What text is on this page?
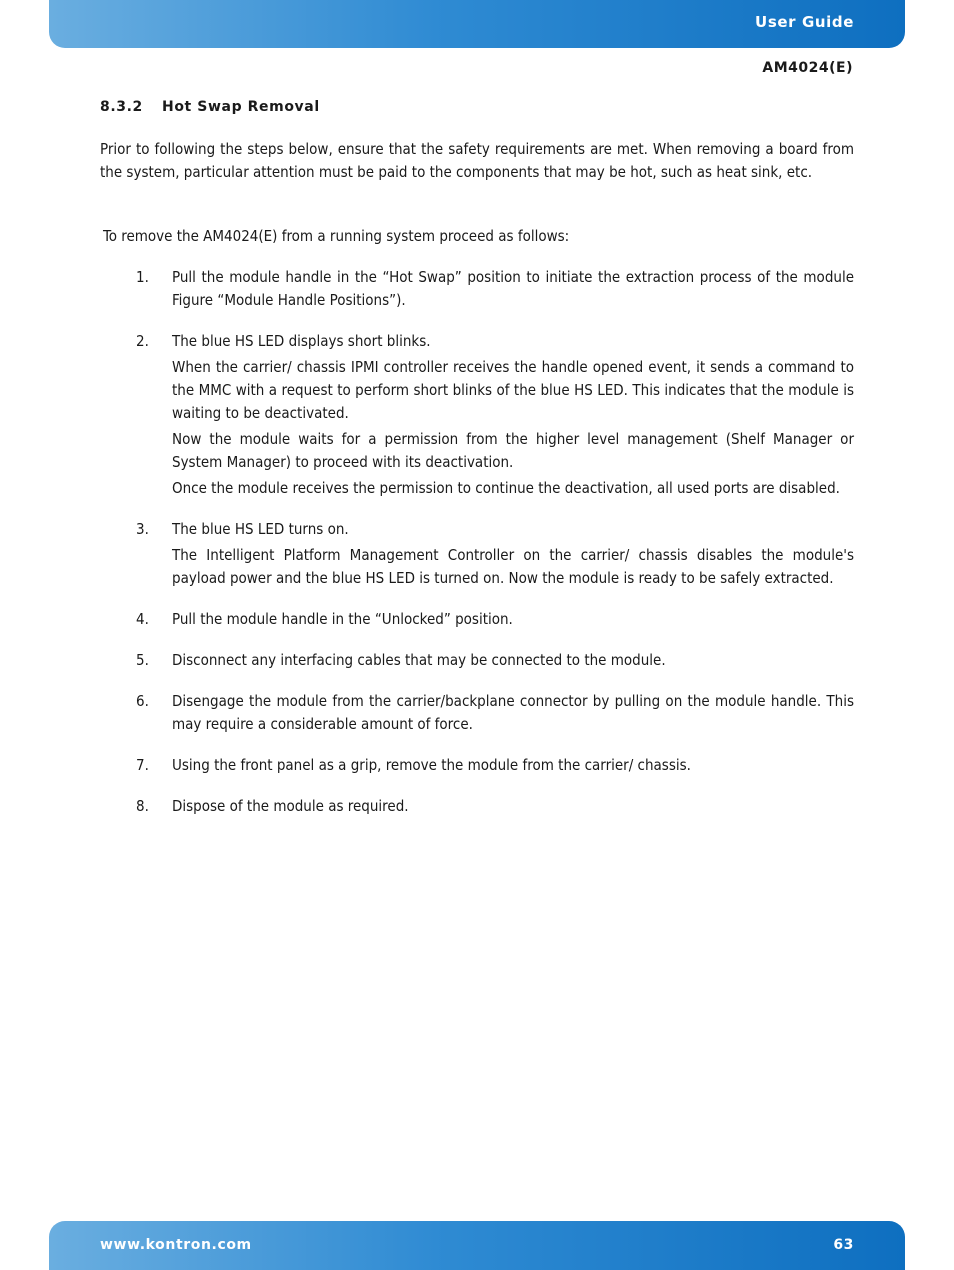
User Guide
AM4024(E)
8.3.2 Hot Swap Removal

Prior to following the steps below, ensure that the safety requirements are met. When removing a board from the system, particular attention must be paid to the components that may be hot, such as heat sink, etc.

To remove the AM4024(E) from a running system proceed as follows:

1.	Pull the module handle in the “Hot Swap” position to initiate the extraction process of the module Figure “Module Handle Positions”).
2.	The blue HS LED displays short blinks.
When the carrier/ chassis IPMI controller receives the handle opened event, it sends a command to the MMC with a request to perform short blinks of the blue HS LED. This indicates that the module is waiting to be deactivated.
Now the module waits for a permission from the higher level management (Shelf Manager or System Manager) to proceed with its deactivation.
Once the module receives the permission to continue the deactivation, all used ports are disabled.
3.	The blue HS LED turns on.
The Intelligent Platform Management Controller on the carrier/ chassis disables the module's payload power and the blue HS LED is turned on. Now the module is ready to be safely extracted.
4.	Pull the module handle in the “Unlocked” position.
5.	Disconnect any interfacing cables that may be connected to the module.
6.	Disengage the module from the carrier/backplane connector by pulling on the module handle. This may require a considerable amount of force.
7.	Using the front panel as a grip, remove the module from the carrier/ chassis.
8.	Dispose of the module as required.
www.kontron.com	63
